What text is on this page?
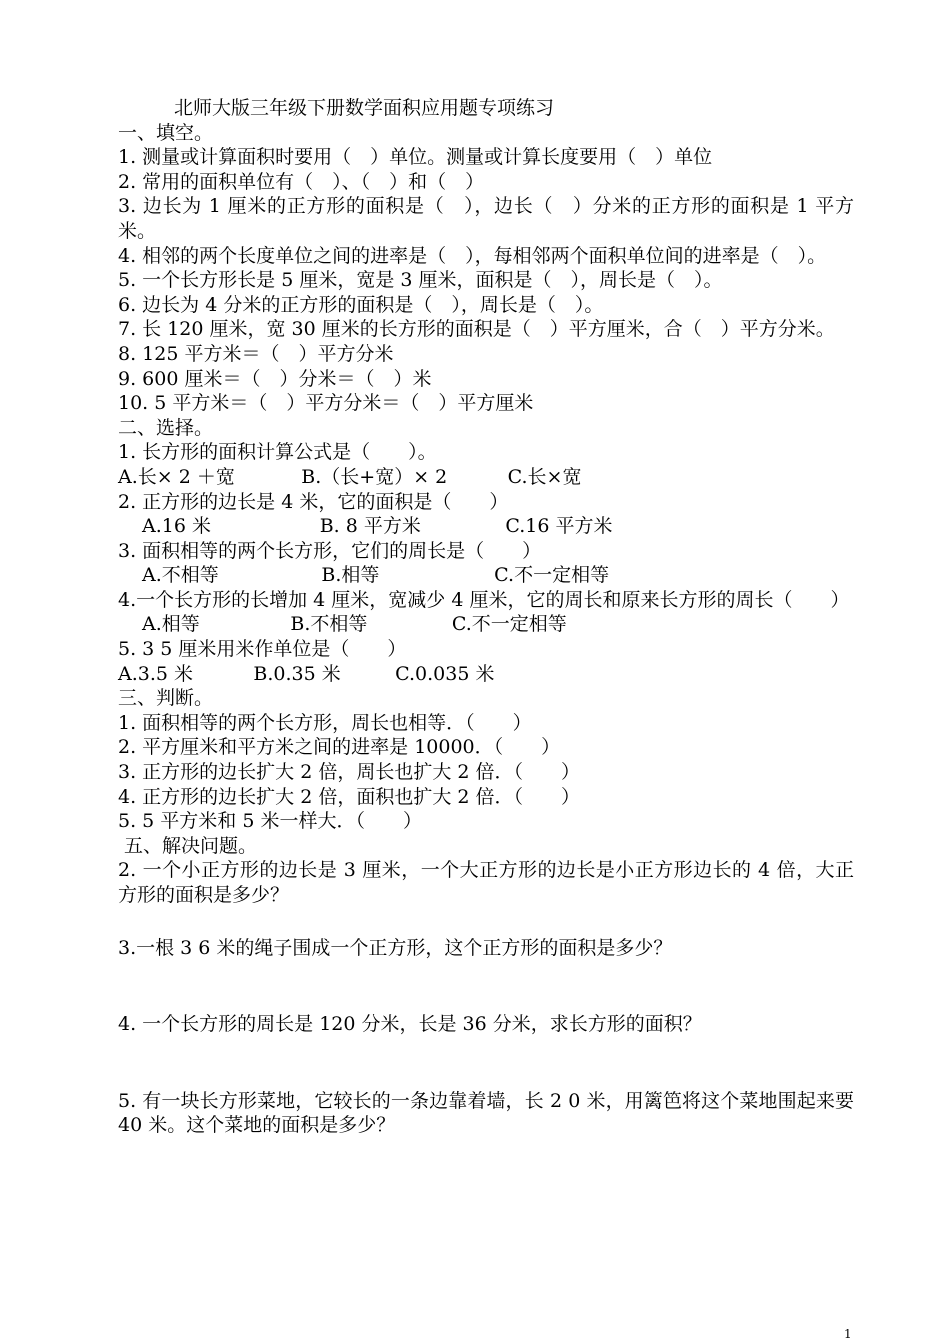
北师大版三年级下册数学面积应用题专项练习
一、填空。
1. 测量或计算面积时要用（　）单位。测量或计算长度要用（　）单位
2. 常用的面积单位有（　）、（　）和（　）
3. 边长为 1 厘米的正方形的面积是（　），边长（　）分米的正方形的面积是 1 平方米。
4. 相邻的两个长度单位之间的进率是（　），每相邻两个面积单位间的进率是（　）。
5. 一个长方形长是 5 厘米，宽是 3 厘米，面积是（　），周长是（　）。
6. 边长为 4 分米的正方形的面积是（　），周长是（　）。
7. 长 120 厘米，宽 30 厘米的长方形的面积是（　）平方厘米，合（　）平方分米。
8. 125 平方米＝（　）平方分米
9. 600 厘米＝（　）分米＝（　）米
10. 5 平方米＝（　）平方分米＝（　）平方厘米
二、选择。
1. 长方形的面积计算公式是（　　）。
A.长× 2 ＋宽           B.（长+宽）× 2          C.长×宽
2. 正方形的边长是 4 米，它的面积是（　　）
A.16 米                  B. 8 平方米              C.16 平方米
3. 面积相等的两个长方形，它们的周长是（　　）
A.不相等                 B.相等                   C.不一定相等
4.一个长方形的长增加 4 厘米，宽减少 4 厘米，它的周长和原来长方形的周长（　　）
A.相等               B.不相等              C.不一定相等
5. 3 5 厘米用米作单位是（　　）
A.3.5 米          B.0.35 米         C.0.035 米
三、判断。
1. 面积相等的两个长方形，周长也相等．（　　）
2. 平方厘米和平方米之间的进率是 10000．（　　）
3. 正方形的边长扩大 2 倍，周长也扩大 2 倍．（　　）
4. 正方形的边长扩大 2 倍，面积也扩大 2 倍．（　　）
5. 5 平方米和 5 米一样大．（　　）
五、解决问题。
2. 一个小正方形的边长是 3 厘米，一个大正方形的边长是小正方形边长的 4 倍，大正方形的面积是多少？
3.一根 3 6 米的绳子围成一个正方形，这个正方形的面积是多少？
4. 一个长方形的周长是 120 分米，长是 36 分米，求长方形的面积？
5. 有一块长方形菜地，它较长的一条边靠着墙，长 2 0 米，用篱笆将这个菜地围起来要 40 米。这个菜地的面积是多少？
1
